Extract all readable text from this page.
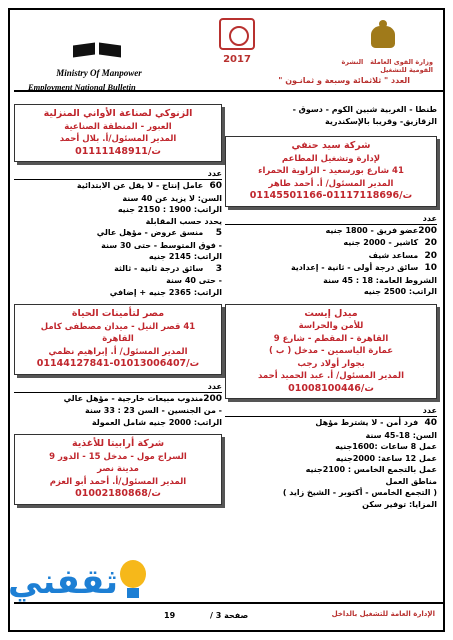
Ministry Of Manpower
Employment National Bulletin
2017	وزارة القوى العاملة   النشرة القومية للتشغيل
العدد " ثلاثمائة وسبعة و ثمانـون "
طنطا - الغربية شبين الكوم - دسوق -
الزقازيق- وقريبا بالإسكندرية
شركة سيد حنفي
لإدارة وتشغيل المطاعم
41 شارع بورسعيد - الزاوية الحمراء
المدير المسئول/ أ. أحمد طاهر
ت/01117118696-01145501166
عدد
200 عضو فريق - 1800 جنيه
20 كاشير - 2000 جنيه
20 مساعد شيف
10 سائق درجة أولى - ثانية - إعدادية
الشروط العامة: 18 : 45 سنة
الراتب: 2500 جنيه
ميدل إيست
للأمن والحراسة
القاهرة - المقطم - شارع 9
عمارة الياسمين - مدخل ( ب )
بجوار أولاد رجب
المدير المسئول/ أ. عبد الحميد أحمد
ت/01008100446
عدد
40 فرد أمن - لا يشترط مؤهل
السن: 18-45 سنة
عمل 8 ساعات :1600جنيه
عمل 12 ساعة: 2000جنيه
عمل بالتجمع الخامس : 2100جنيه
مناطق العمل
( التجمع الخامس - أكتوبر - الشيخ زايد )
المزايا: توفير سكن
الزنوكي لصناعة الأواني المنزلية
العبور - المنطقة الصناعية
المدير المسئول/أ. بلال أحمد
ت/01111148911
عدد
60 عامل إنتاج - لا يقل عن الابتدائية
السن: لا يزيد عن 40 سنة
الراتب: 1900 : 2150 جنيه
يحدد حسب المقابلة
5 منسق عروض - مؤهل عالي
- فوق المتوسط - حتى 30 سنة
الراتب: 2145 جنيه
3 سائق درجة ثانية - ثالثة
- حتى 40 سنة
الراتب: 2365 جنيه + إضافي
مصر لتأمينات الحياة
41 قصر النيل - ميدان مصطفى كامل
القاهرة
المدير المسئول/ أ. إبراهيم نظمي
ت/01013006407-01144127841
عدد
200 مندوب مبيعات خارجية - مؤهل عالي
- من الجنسين - السن 23 : 33 سنة
الراتب: 2000 جنيه شامل العمولة
شركة أرابيتا للأغذية
السراج مول - مدخل 15 - الدور 9
مدينة نصر
المدير المسئول/أ. أحمد أبو العزم
ت/01002180868
الإدارة العامة للتشغيل بالداخل
صفحة 3 /
19
ثقفني
